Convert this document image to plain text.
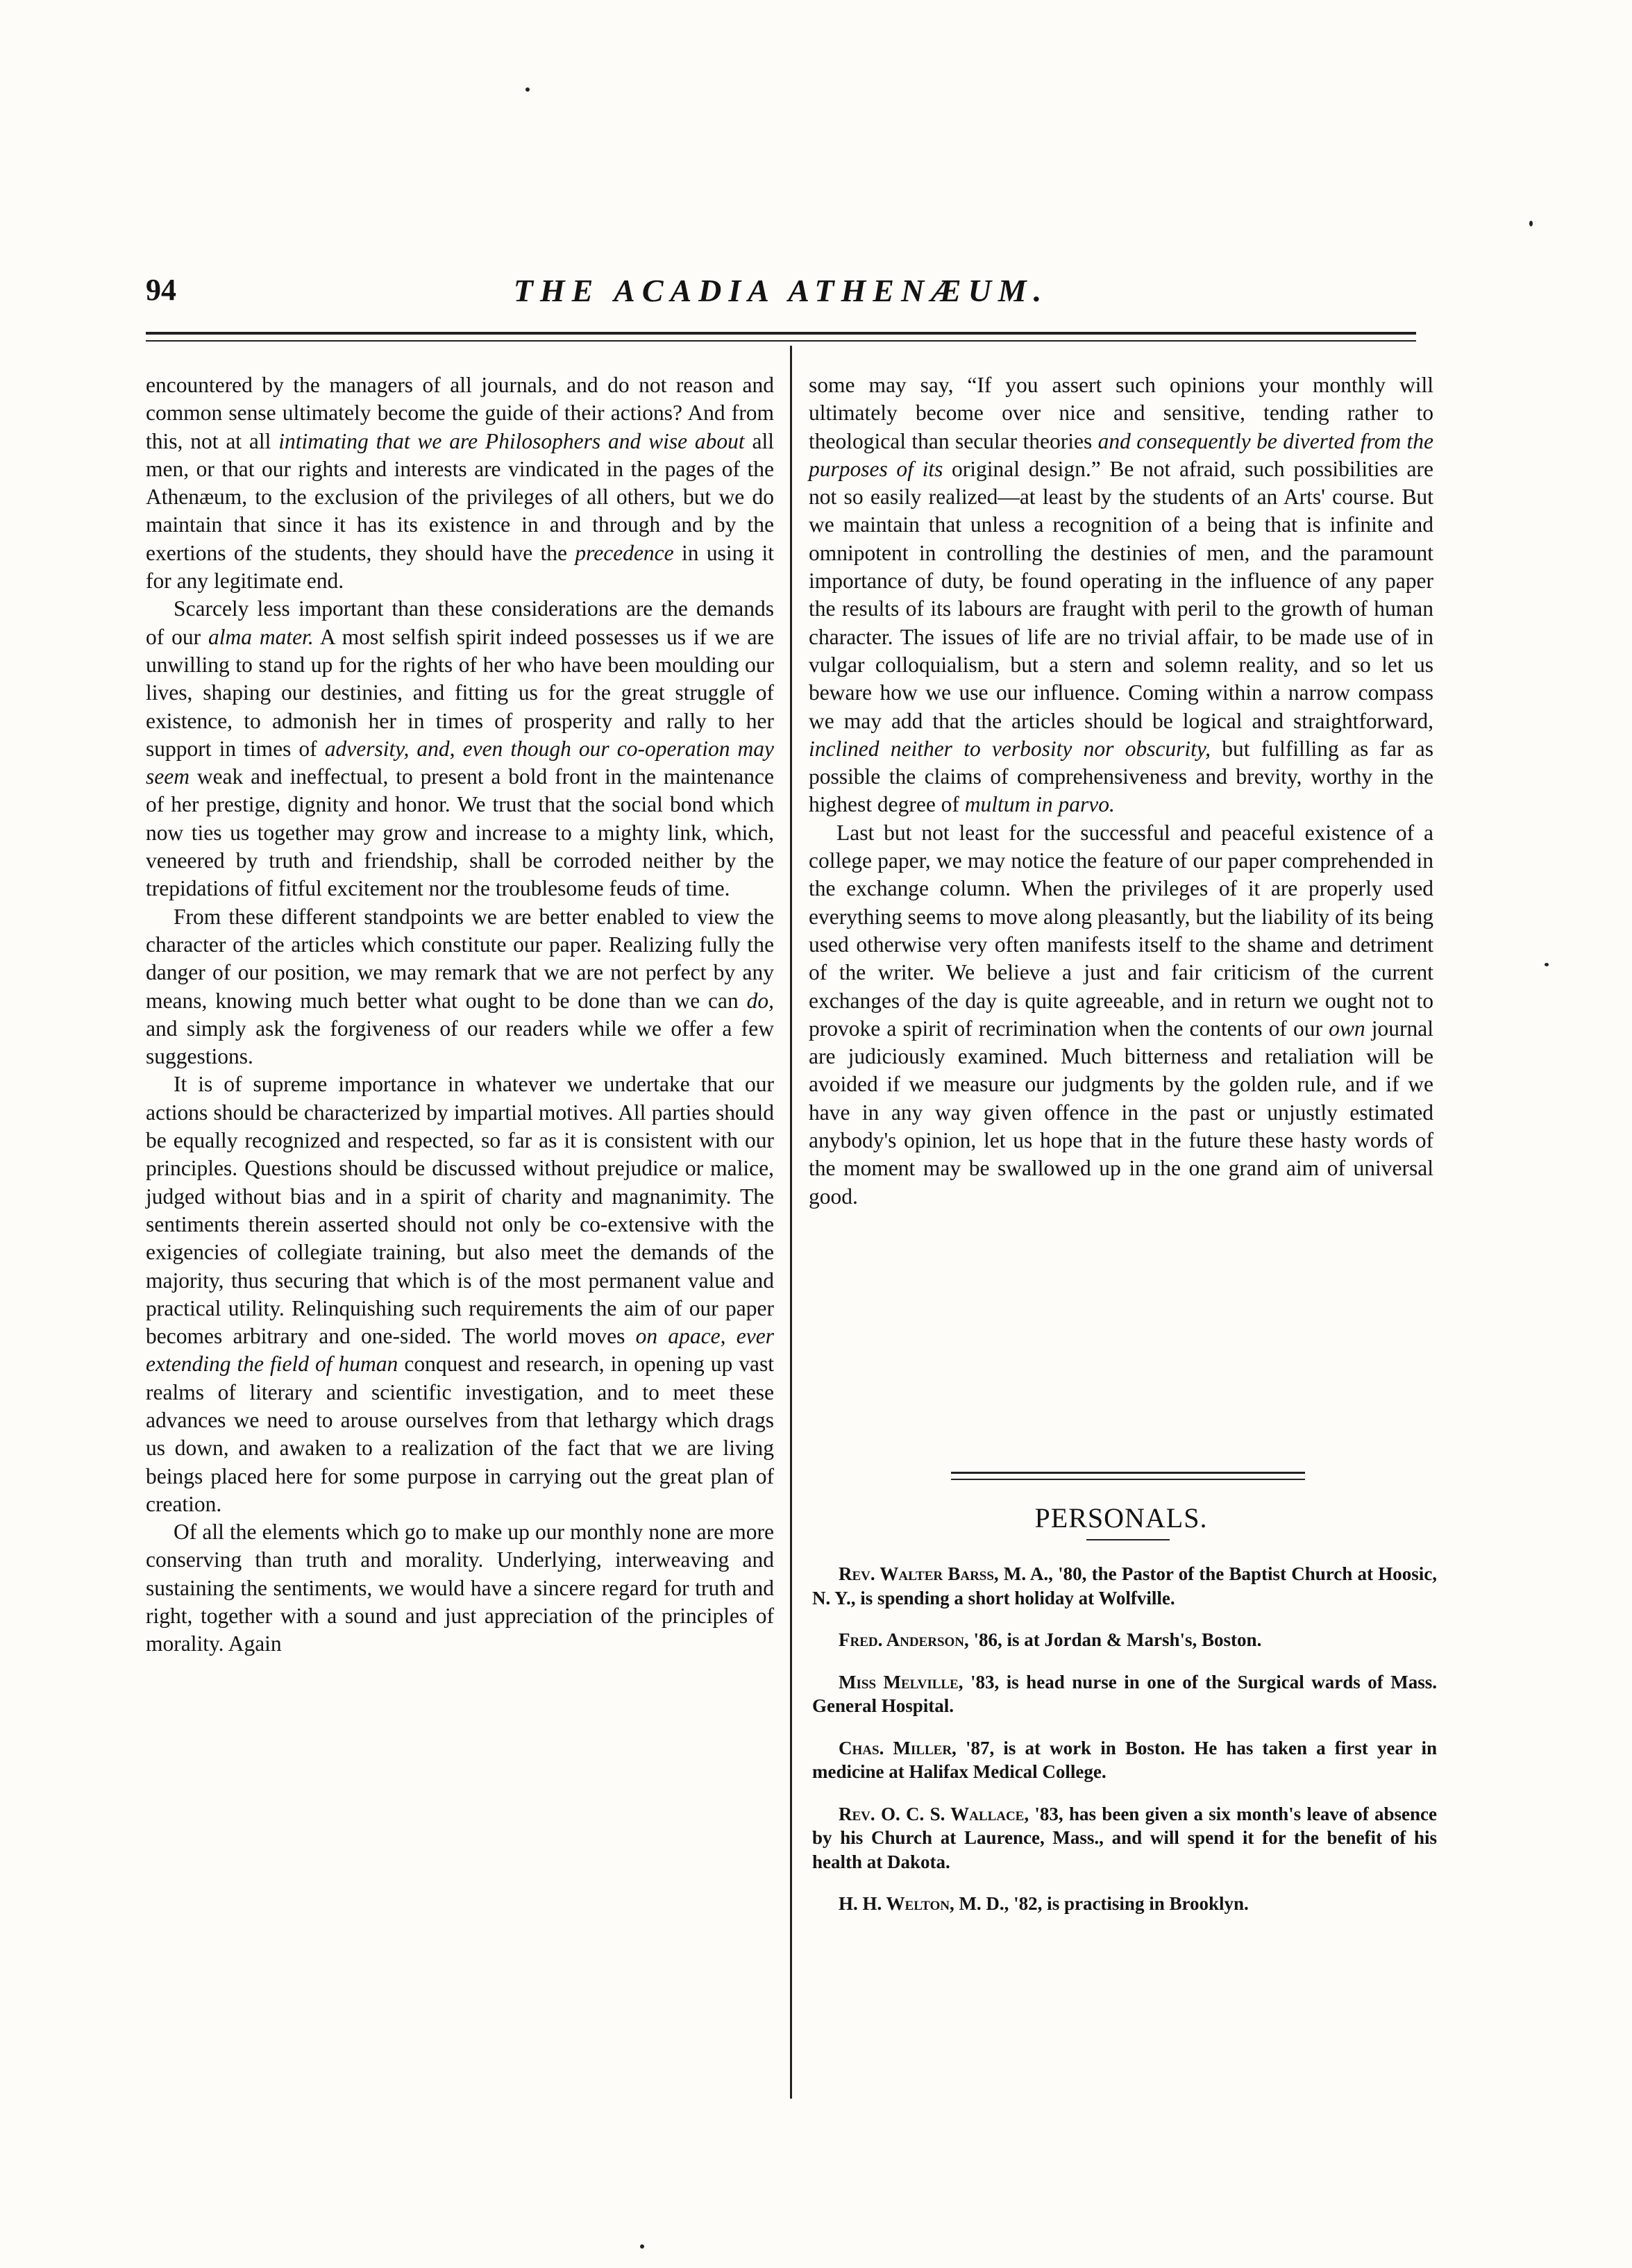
94	THE ACADIA ATHENÆUM.

encountered by the managers of all journals, and do not reason and common sense ultimately become the guide of their actions? And from this, not at all intimating that we are Philosophers and wise about all men, or that our rights and interests are vindicated in the pages of the Athenæum, to the exclusion of the privileges of all others, but we do maintain that since it has its existence in and through and by the exertions of the students, they should have the precedence in using it for any legitimate end.

Scarcely less important than these considerations are the demands of our alma mater. A most selfish spirit indeed possesses us if we are unwilling to stand up for the rights of her who have been moulding our lives, shaping our destinies, and fitting us for the great struggle of existence, to admonish her in times of prosperity and rally to her support in times of adversity, and, even though our co-operation may seem weak and ineffectual, to present a bold front in the maintenance of her prestige, dignity and honor. We trust that the social bond which now ties us together may grow and increase to a mighty link, which, veneered by truth and friendship, shall be corroded neither by the trepidations of fitful excitement nor the troublesome feuds of time.

From these different standpoints we are better enabled to view the character of the articles which constitute our paper. Realizing fully the danger of our position, we may remark that we are not perfect by any means, knowing much better what ought to be done than we can do, and simply ask the forgiveness of our readers while we offer a few suggestions.

It is of supreme importance in whatever we undertake that our actions should be characterized by impartial motives. All parties should be equally recognized and respected, so far as it is consistent with our principles. Questions should be discussed without prejudice or malice, judged without bias and in a spirit of charity and magnanimity. The sentiments therein asserted should not only be co-extensive with the exigencies of collegiate training, but also meet the demands of the majority, thus securing that which is of the most permanent value and practical utility. Relinquishing such requirements the aim of our paper becomes arbitrary and one-sided. The world moves on apace, ever extending the field of human conquest and research, in opening up vast realms of literary and scientific investigation, and to meet these advances we need to arouse ourselves from that lethargy which drags us down, and awaken to a realization of the fact that we are living beings placed here for some purpose in carrying out the great plan of creation.

Of all the elements which go to make up our monthly none are more conserving than truth and morality. Underlying, interweaving and sustaining the sentiments, we would have a sincere regard for truth and right, together with a sound and just appreciation of the principles of morality. Again

some may say, “If you assert such opinions your monthly will ultimately become over nice and sensitive, tending rather to theological than secular theories and consequently be diverted from the purposes of its original design.” Be not afraid, such possibilities are not so easily realized—at least by the students of an Arts' course. But we maintain that unless a recognition of a being that is infinite and omnipotent in controlling the destinies of men, and the paramount importance of duty, be found operating in the influence of any paper the results of its labours are fraught with peril to the growth of human character. The issues of life are no trivial affair, to be made use of in vulgar colloquialism, but a stern and solemn reality, and so let us beware how we use our influence. Coming within a narrow compass we may add that the articles should be logical and straightforward, inclined neither to verbosity nor obscurity, but fulfilling as far as possible the claims of comprehensiveness and brevity, worthy in the highest degree of multum in parvo.

Last but not least for the successful and peaceful existence of a college paper, we may notice the feature of our paper comprehended in the exchange column. When the privileges of it are properly used everything seems to move along pleasantly, but the liability of its being used otherwise very often manifests itself to the shame and detriment of the writer. We believe a just and fair criticism of the current exchanges of the day is quite agreeable, and in return we ought not to provoke a spirit of recrimination when the contents of our own journal are judiciously examined. Much bitterness and retaliation will be avoided if we measure our judgments by the golden rule, and if we have in any way given offence in the past or unjustly estimated anybody's opinion, let us hope that in the future these hasty words of the moment may be swallowed up in the one grand aim of universal good.

PERSONALS.

Rev. Walter Barss, M. A., '80, the Pastor of the Baptist Church at Hoosic, N. Y., is spending a short holiday at Wolfville.

Fred. Anderson, '86, is at Jordan & Marsh's, Boston.

Miss Melville, '83, is head nurse in one of the Surgical wards of Mass. General Hospital.

Chas. Miller, '87, is at work in Boston. He has taken a first year in medicine at Halifax Medical College.

Rev. O. C. S. Wallace, '83, has been given a six month's leave of absence by his Church at Laurence, Mass., and will spend it for the benefit of his health at Dakota.

H. H. Welton, M. D., '82, is practising in Brooklyn.
